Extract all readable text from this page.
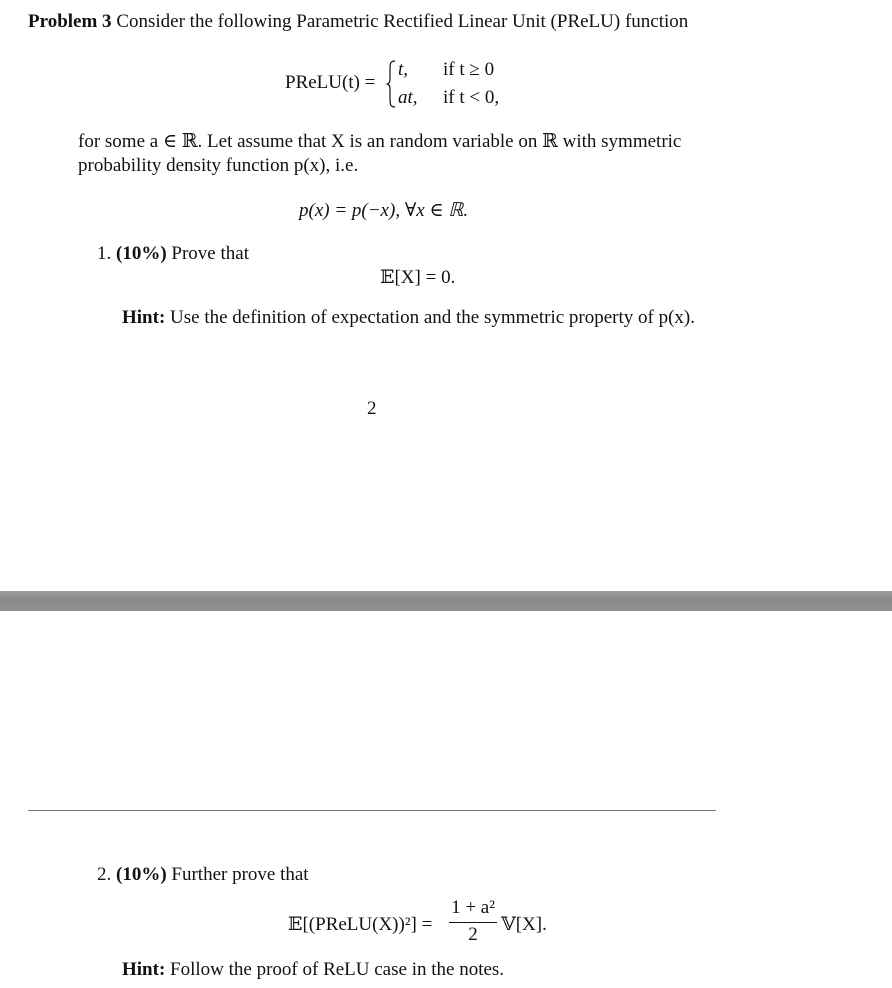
Problem 3 Consider the following Parametric Rectified Linear Unit (PReLU) function
PReLU(t) =
t, if t ≥ 0
at, if t < 0,
for some a ∈ ℝ. Let assume that X is an random variable on ℝ with symmetric
probability density function p(x), i.e.
p(x) = p(−x), ∀x ∈ ℝ.
1. (10%) Prove that
𝔼[X] = 0.
Hint: Use the definition of expectation and the symmetric property of p(x).
2
2. (10%) Further prove that
𝔼[(PReLU(X))²] =
1 + a²
2	𝕍[X].
Hint: Follow the proof of ReLU case in the notes.
